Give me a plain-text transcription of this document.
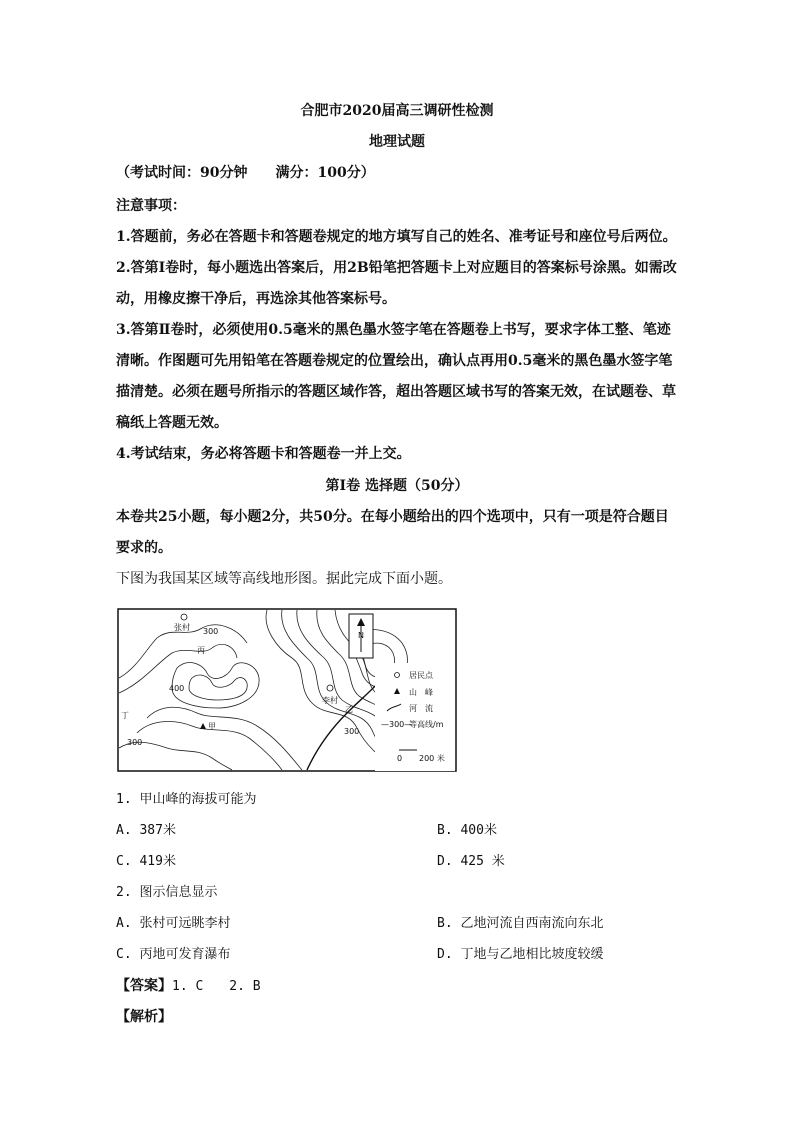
合肥市2020届高三调研性检测
地理试题
（考试时间：90分钟　　满分：100分）
注意事项：
1.答题前，务必在答题卡和答题卷规定的地方填写自己的姓名、准考证号和座位号后两位。
2.答第Ⅰ卷时，每小题选出答案后，用2B铅笔把答题卡上对应题目的答案标号涂黑。如需改
动，用橡皮擦干净后，再选涂其他答案标号。
3.答第Ⅱ卷时，必须使用0.5毫米的黑色墨水签字笔在答题卷上书写，要求字体工整、笔迹
清晰。作图题可先用铅笔在答题卷规定的位置绘出，确认点再用0.5毫米的黑色墨水签字笔
描清楚。必须在题号所指示的答题区域作答，超出答题区域书写的答案无效，在试题卷、草
稿纸上答题无效。
4.考试结束，务必将答题卡和答题卷一并上交。
第Ⅰ卷 选择题（50分）
本卷共25小题，每小题2分，共50分。在每小题给出的四个选项中，只有一项是符合题目
要求的。
下图为我国某区域等高线地形图。据此完成下面小题。
N
居民点
山　峰
河　流
—300—
等高线/m
0 200 米
张村 300
丙
400
李村
乙
300
甲
丁
300
1. 甲山峰的海拔可能为
A. 387米	B. 400米
C. 419米	D. 425 米
2. 图示信息显示
A. 张村可远眺李村	B. 乙地河流自西南流向东北
C. 丙地可发育瀑布	D. 丁地与乙地相比坡度较缓
【答案】1. C　　2. B
【解析】
